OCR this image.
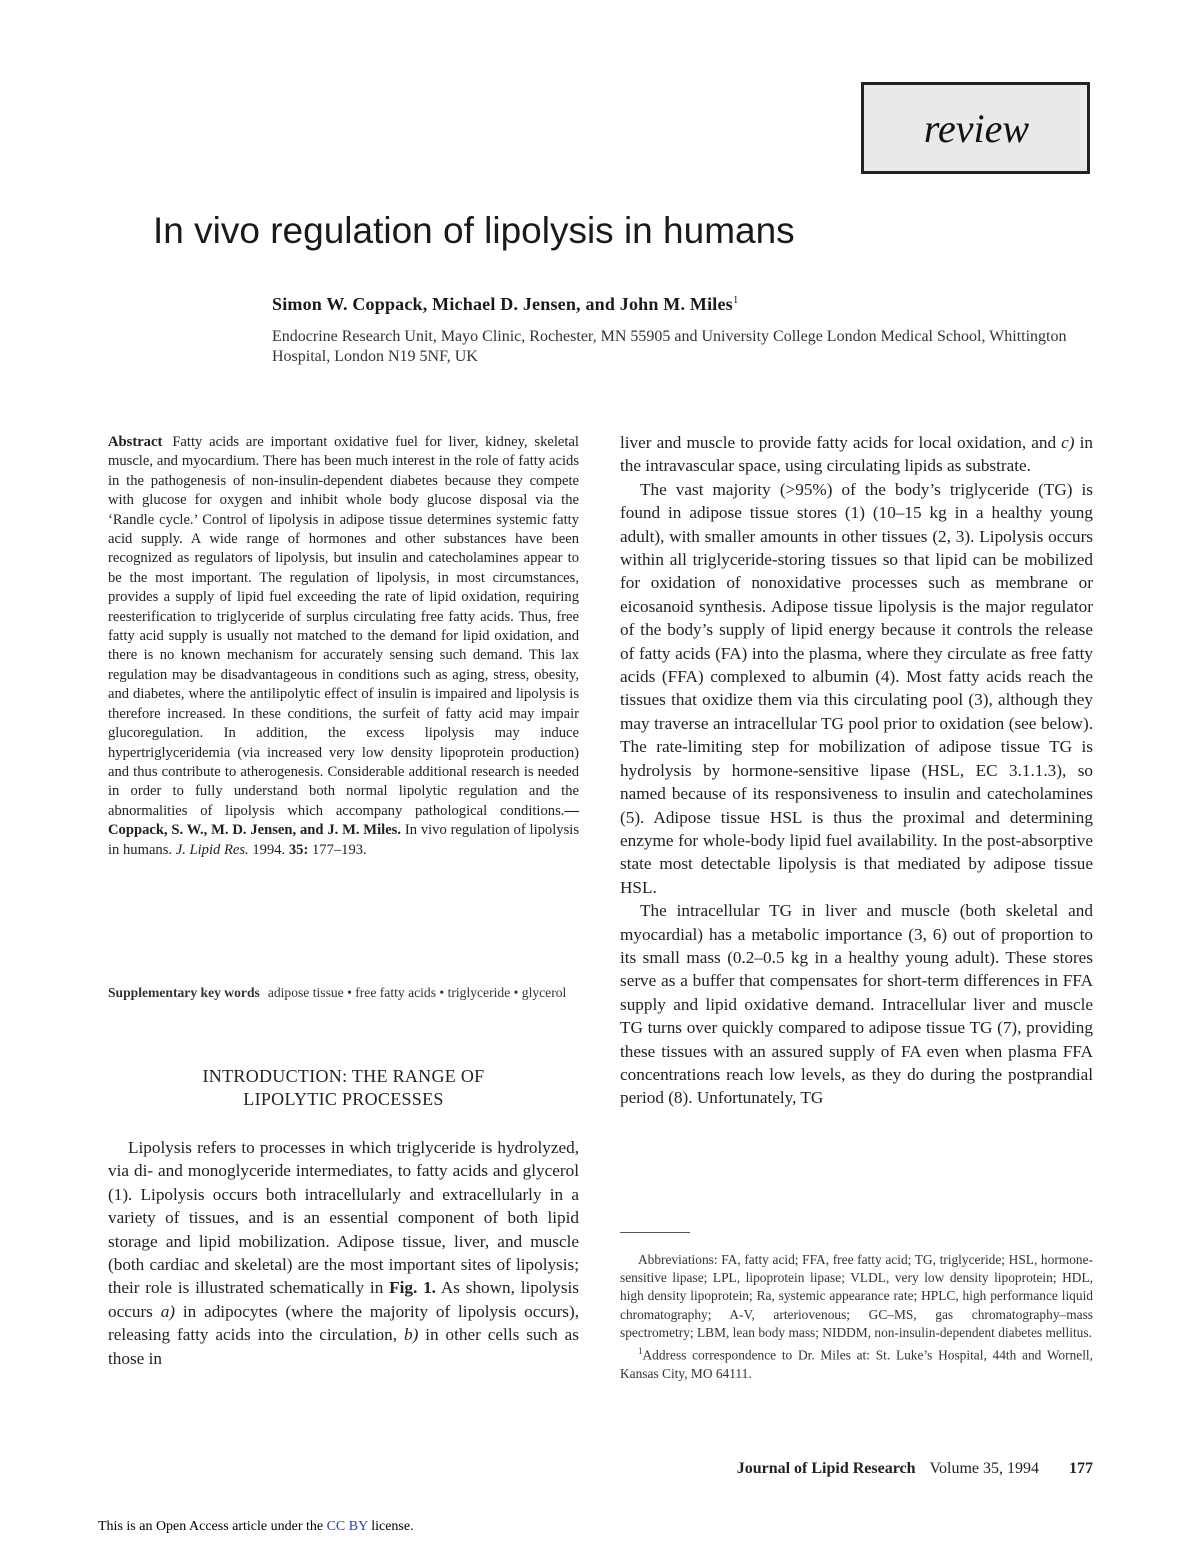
review
In vivo regulation of lipolysis in humans
Simon W. Coppack, Michael D. Jensen, and John M. Miles$^1$
Endocrine Research Unit, Mayo Clinic, Rochester, MN 55905 and University College London Medical School, Whittington Hospital, London N19 5NF, UK
Abstract Fatty acids are important oxidative fuel for liver, kidney, skeletal muscle, and myocardium. There has been much interest in the role of fatty acids in the pathogenesis of non-insulin-dependent diabetes because they compete with glucose for oxygen and inhibit whole body glucose disposal via the ‘Randle cycle.’ Control of lipolysis in adipose tissue determines systemic fatty acid supply. A wide range of hormones and other substances have been recognized as regulators of lipolysis, but insulin and catecholamines appear to be the most important. The regulation of lipolysis, in most circumstances, provides a supply of lipid fuel exceeding the rate of lipid oxidation, requiring reesterification to triglyceride of surplus circulating free fatty acids. Thus, free fatty acid supply is usually not matched to the demand for lipid oxidation, and there is no known mechanism for accurately sensing such demand. This lax regulation may be disadvantageous in conditions such as aging, stress, obesity, and diabetes, where the antilipolytic effect of insulin is impaired and lipolysis is therefore increased. In these conditions, the surfeit of fatty acid may impair glucoregulation. In addition, the excess lipolysis may induce hypertriglyceridemia (via increased very low density lipoprotein production) and thus contribute to atherogenesis. Considerable additional research is needed in order to fully understand both normal lipolytic regulation and the abnormalities of lipolysis which accompany pathological conditions.—Coppack, S. W., M. D. Jensen, and J. M. Miles. In vivo regulation of lipolysis in humans. J. Lipid Res. 1994. 35: 177–193.
Supplementary key words adipose tissue • free fatty acids • triglyceride • glycerol
INTRODUCTION: THE RANGE OF
LIPOLYTIC PROCESSES

Lipolysis refers to processes in which triglyceride is hydrolyzed, via di- and monoglyceride intermediates, to fatty acids and glycerol (1). Lipolysis occurs both intracellularly and extracellularly in a variety of tissues, and is an essential component of both lipid storage and lipid mobilization. Adipose tissue, liver, and muscle (both cardiac and skeletal) are the most important sites of lipolysis; their role is illustrated schematically in Fig. 1. As shown, lipolysis occurs a) in adipocytes (where the majority of lipolysis occurs), releasing fatty acids into the circulation, b) in other cells such as those in

liver and muscle to provide fatty acids for local oxidation, and c) in the intravascular space, using circulating lipids as substrate.

The vast majority (>95%) of the body’s triglyceride (TG) is found in adipose tissue stores (1) (10–15 kg in a healthy young adult), with smaller amounts in other tissues (2, 3). Lipolysis occurs within all triglyceride-storing tissues so that lipid can be mobilized for oxidation of nonoxidative processes such as membrane or eicosanoid synthesis. Adipose tissue lipolysis is the major regulator of the body’s supply of lipid energy because it controls the release of fatty acids (FA) into the plasma, where they circulate as free fatty acids (FFA) complexed to albumin (4). Most fatty acids reach the tissues that oxidize them via this circulating pool (3), although they may traverse an intracellular TG pool prior to oxidation (see below). The rate-limiting step for mobilization of adipose tissue TG is hydrolysis by hormone-sensitive lipase (HSL, EC 3.1.1.3), so named because of its responsiveness to insulin and catecholamines (5). Adipose tissue HSL is thus the proximal and determining enzyme for whole-body lipid fuel availability. In the post-absorptive state most detectable lipolysis is that mediated by adipose tissue HSL.

The intracellular TG in liver and muscle (both skeletal and myocardial) has a metabolic importance (3, 6) out of proportion to its small mass (0.2–0.5 kg in a healthy young adult). These stores serve as a buffer that compensates for short-term differences in FFA supply and lipid oxidative demand. Intracellular liver and muscle TG turns over quickly compared to adipose tissue TG (7), providing these tissues with an assured supply of FA even when plasma FFA concentrations reach low levels, as they do during the postprandial period (8). Unfortunately, TG

Abbreviations: FA, fatty acid; FFA, free fatty acid; TG, triglyceride; HSL, hormone-sensitive lipase; LPL, lipoprotein lipase; VLDL, very low density lipoprotein; HDL, high density lipoprotein; Ra, systemic appearance rate; HPLC, high performance liquid chromatography; A-V, arteriovenous; GC–MS, gas chromatography–mass spectrometry; LBM, lean body mass; NIDDM, non-insulin-dependent diabetes mellitus.

$^1$Address correspondence to Dr. Miles at: St. Luke’s Hospital, 44th and Wornell, Kansas City, MO 64111.

Journal of Lipid Research Volume 35, 1994 177
This is an Open Access article under the CC BY license.
